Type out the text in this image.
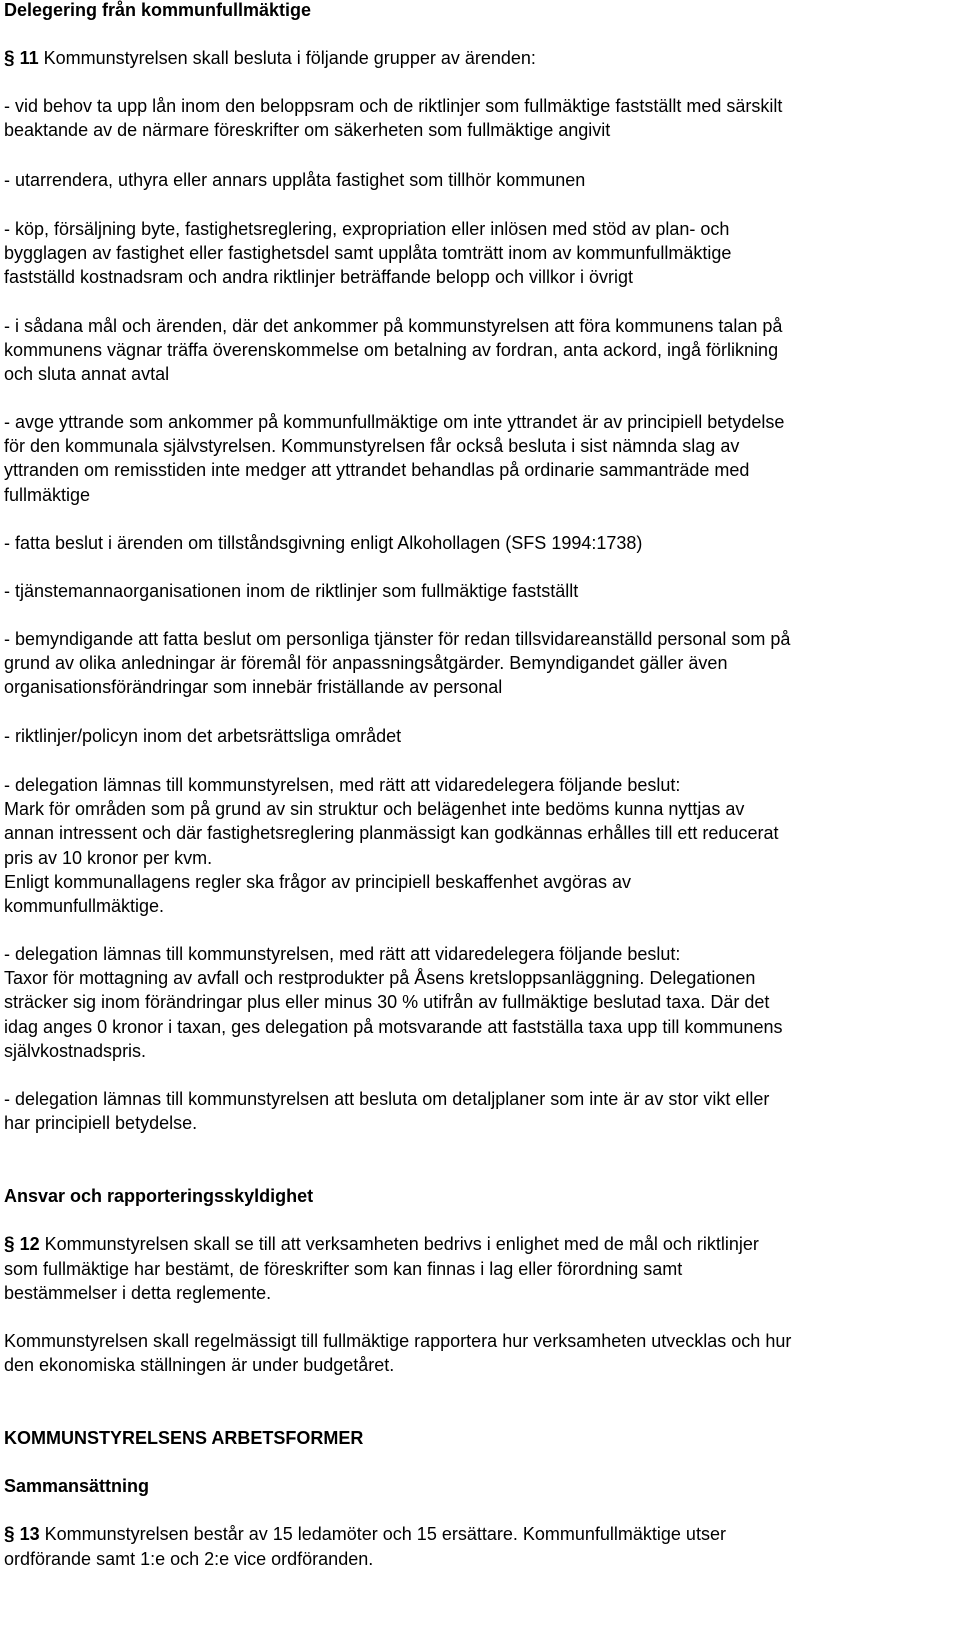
Delegering från kommunfullmäktige
§ 11 Kommunstyrelsen skall besluta i följande grupper av ärenden:
- vid behov ta upp lån inom den beloppsram och de riktlinjer som fullmäktige fastställt med särskilt
beaktande av de närmare föreskrifter om säkerheten som fullmäktige angivit
- utarrendera, uthyra eller annars upplåta fastighet som tillhör kommunen
- köp, försäljning byte, fastighetsreglering, expropriation eller inlösen med stöd av plan- och
bygglagen av fastighet eller fastighetsdel samt upplåta tomträtt inom av kommunfullmäktige
fastställd kostnadsram och andra riktlinjer beträffande belopp och villkor i övrigt
- i sådana mål och ärenden, där det ankommer på kommunstyrelsen att föra kommunens talan på
kommunens vägnar träffa överenskommelse om betalning av fordran, anta ackord, ingå förlikning
och sluta annat avtal
- avge yttrande som ankommer på kommunfullmäktige om inte yttrandet är av principiell betydelse
för den kommunala självstyrelsen. Kommunstyrelsen får också besluta i sist nämnda slag av
yttranden om remisstiden inte medger att yttrandet behandlas på ordinarie sammanträde med
fullmäktige
- fatta beslut i ärenden om tillståndsgivning enligt Alkohollagen (SFS 1994:1738)
- tjänstemannaorganisationen inom de riktlinjer som fullmäktige fastställt
- bemyndigande att fatta beslut om personliga tjänster för redan tillsvidareanställd personal som på
grund av olika anledningar är föremål för anpassningsåtgärder. Bemyndigandet gäller även
organisationsförändringar som innebär friställande av personal
- riktlinjer/policyn inom det arbetsrättsliga området
- delegation lämnas till kommunstyrelsen, med rätt att vidaredelegera följande beslut:
Mark för områden som på grund av sin struktur och belägenhet inte bedöms kunna nyttjas av
annan intressent och där fastighetsreglering planmässigt kan godkännas erhålles till ett reducerat
pris av 10 kronor per kvm.
Enligt kommunallagens regler ska frågor av principiell beskaffenhet avgöras av
kommunfullmäktige.
- delegation lämnas till kommunstyrelsen, med rätt att vidaredelegera följande beslut:
Taxor för mottagning av avfall och restprodukter på Åsens kretsloppsanläggning. Delegationen
sträcker sig inom förändringar plus eller minus 30 % utifrån av fullmäktige beslutad taxa. Där det
idag anges 0 kronor i taxan, ges delegation på motsvarande att fastställa taxa upp till kommunens
självkostnadspris.
- delegation lämnas till kommunstyrelsen att besluta om detaljplaner som inte är av stor vikt eller
har principiell betydelse.
Ansvar och rapporteringsskyldighet
§ 12 Kommunstyrelsen skall se till att verksamheten bedrivs i enlighet med de mål och riktlinjer
som fullmäktige har bestämt, de föreskrifter som kan finnas i lag eller förordning samt
bestämmelser i detta reglemente.
Kommunstyrelsen skall regelmässigt till fullmäktige rapportera hur verksamheten utvecklas och hur
den ekonomiska ställningen är under budgetåret.
KOMMUNSTYRELSENS ARBETSFORMER
Sammansättning
§ 13 Kommunstyrelsen består av 15 ledamöter och 15 ersättare. Kommunfullmäktige utser
ordförande samt 1:e och 2:e vice ordföranden.
